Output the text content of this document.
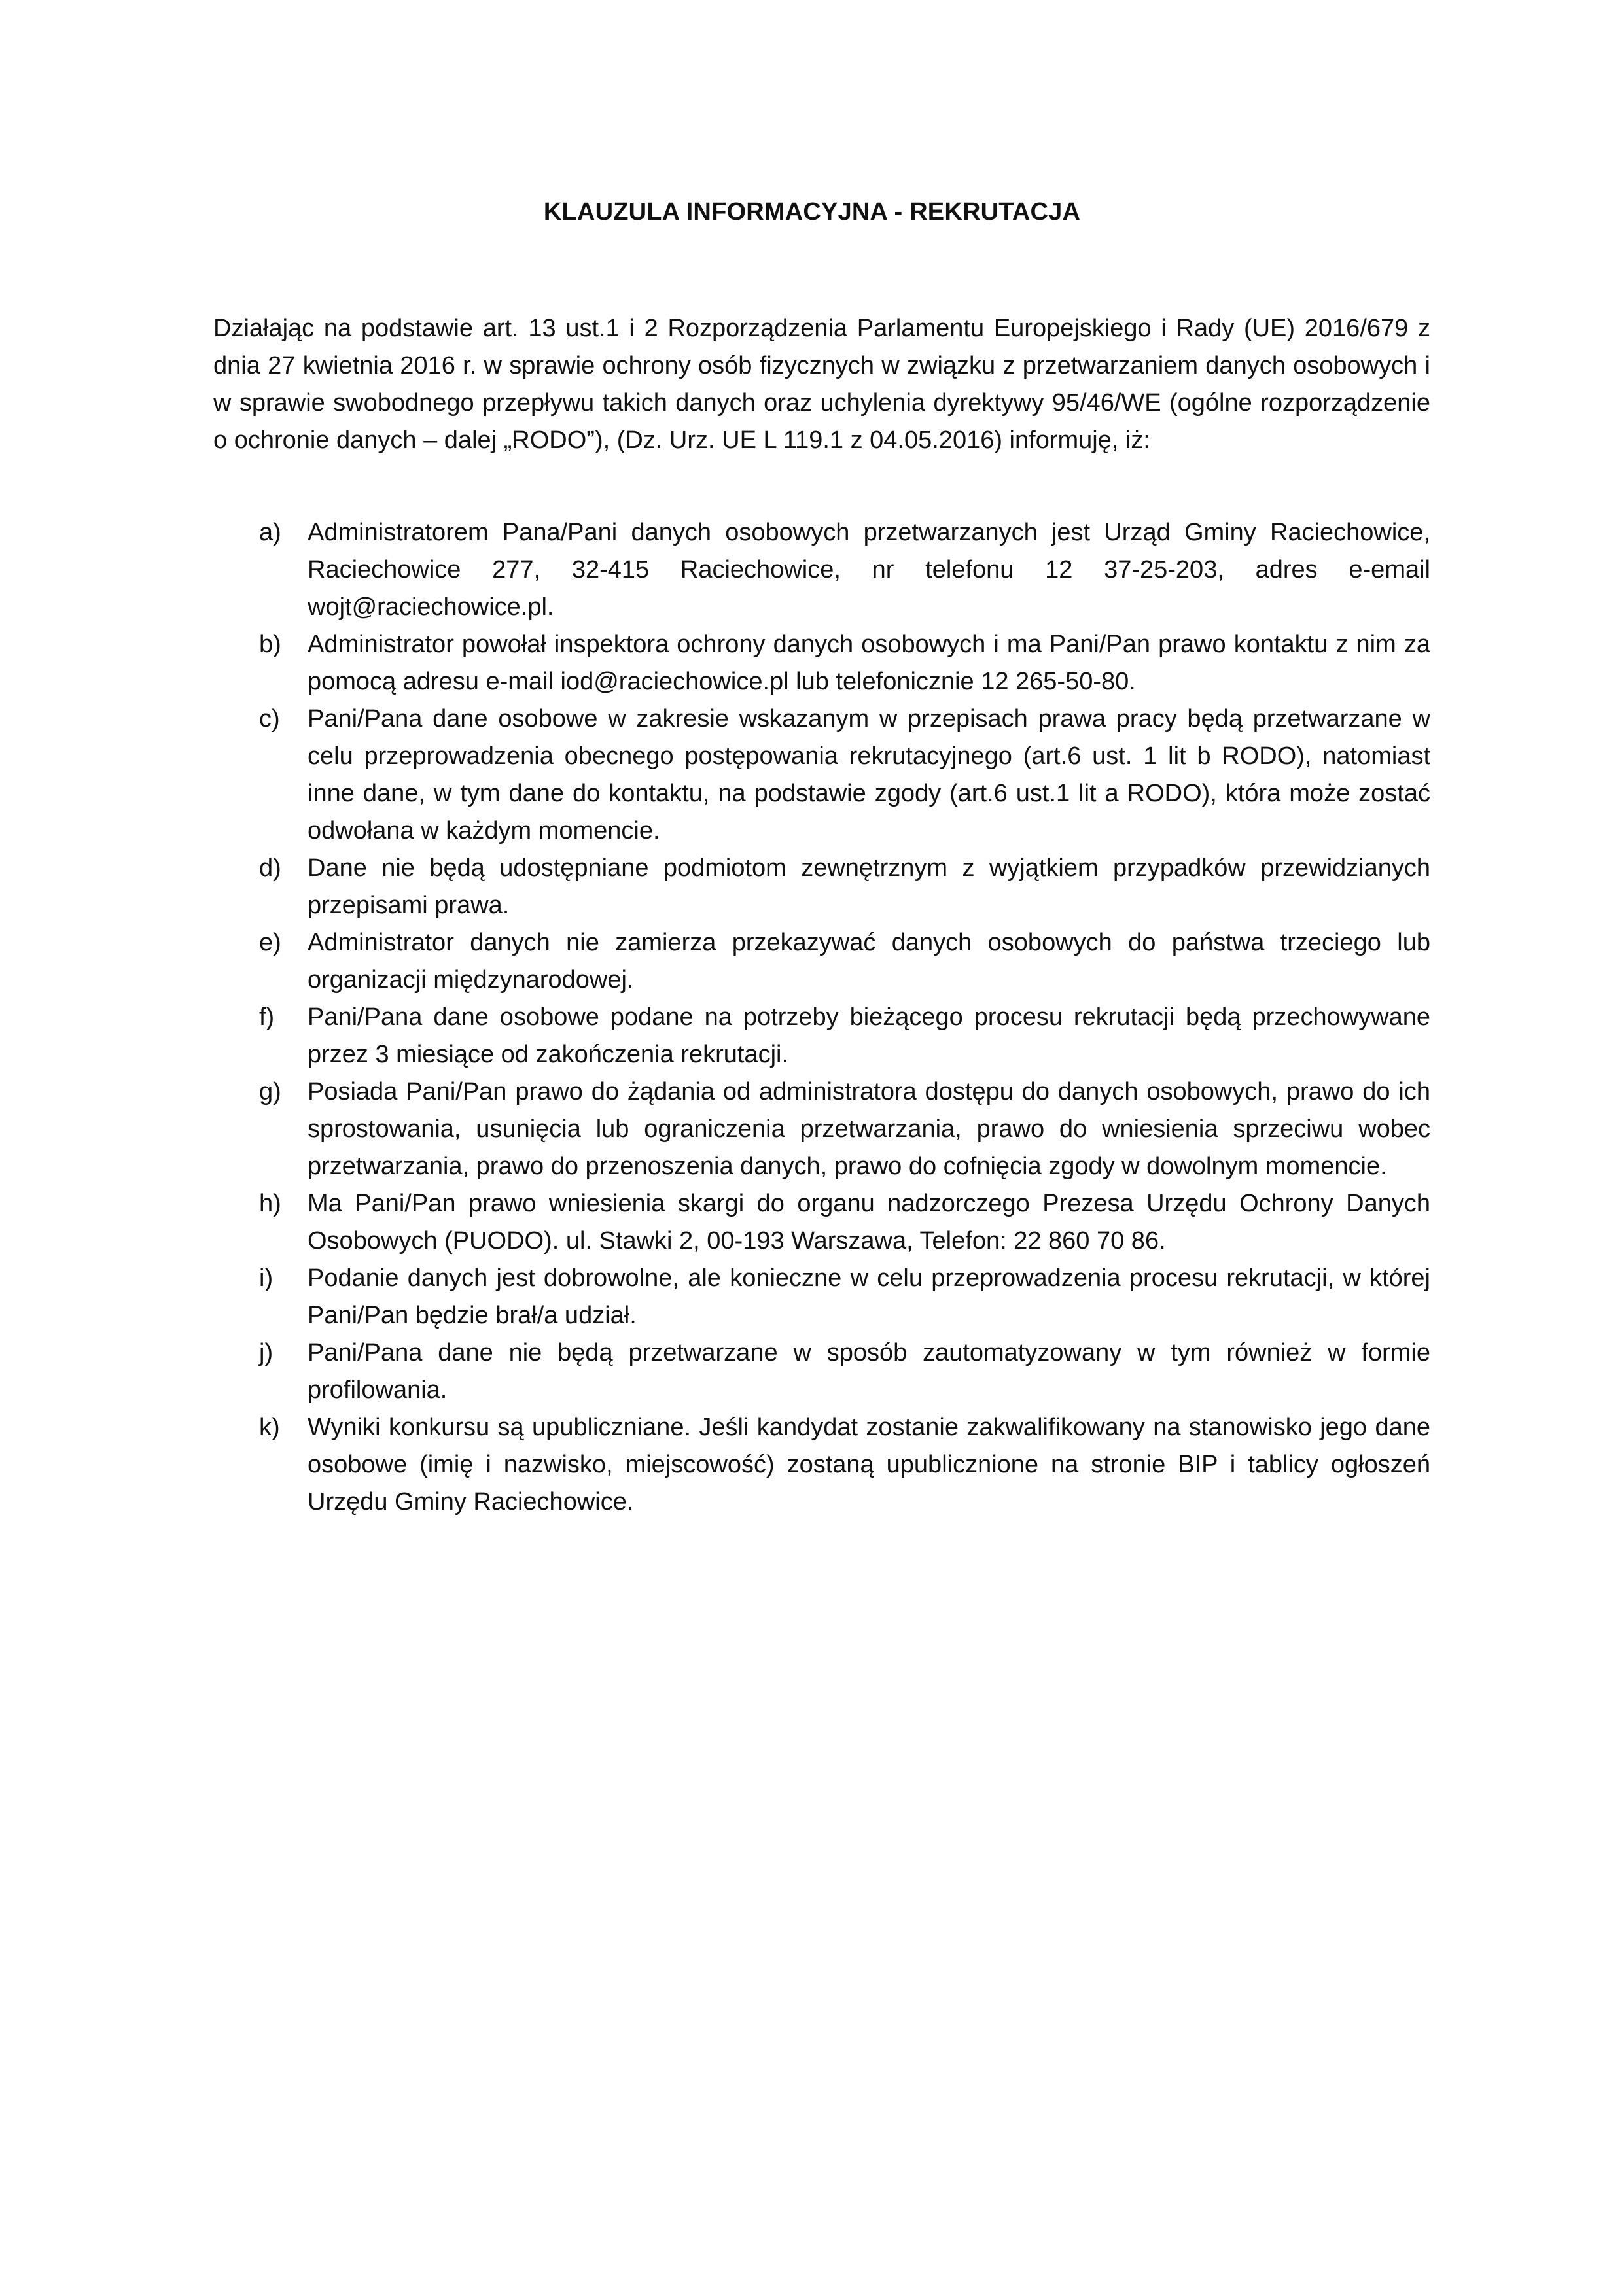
KLAUZULA INFORMACYJNA - REKRUTACJA

Działając na podstawie art. 13 ust.1 i 2 Rozporządzenia Parlamentu Europejskiego i Rady (UE) 2016/679 z dnia 27 kwietnia 2016 r. w sprawie ochrony osób fizycznych w związku z przetwarzaniem danych osobowych i w sprawie swobodnego przepływu takich danych oraz uchylenia dyrektywy 95/46/WE (ogólne rozporządzenie o ochronie danych – dalej „RODO”), (Dz. Urz. UE L 119.1 z 04.05.2016) informuję, iż:

a)	Administratorem Pana/Pani danych osobowych przetwarzanych jest Urząd Gminy Raciechowice, Raciechowice 277, 32-415 Raciechowice, nr telefonu 12 37-25-203, adres e-email wojt@raciechowice.pl.
b)	Administrator powołał inspektora ochrony danych osobowych i ma Pani/Pan prawo kontaktu z nim za pomocą adresu e-mail iod@raciechowice.pl lub telefonicznie 12 265-50-80.
c)	Pani/Pana dane osobowe w zakresie wskazanym w przepisach prawa pracy będą przetwarzane w celu przeprowadzenia obecnego postępowania rekrutacyjnego (art.6 ust. 1 lit b RODO), natomiast inne dane, w tym dane do kontaktu, na podstawie zgody (art.6 ust.1 lit a RODO), która może zostać odwołana w każdym momencie.
d)	Dane nie będą udostępniane podmiotom zewnętrznym z wyjątkiem przypadków przewidzianych przepisami prawa.
e)	Administrator danych nie zamierza przekazywać danych osobowych do państwa trzeciego lub organizacji międzynarodowej.
f)	Pani/Pana dane osobowe podane na potrzeby bieżącego procesu rekrutacji będą przechowywane przez 3 miesiące od zakończenia rekrutacji.
g)	Posiada Pani/Pan prawo do żądania od administratora dostępu do danych osobowych, prawo do ich sprostowania, usunięcia lub ograniczenia przetwarzania, prawo do wniesienia sprzeciwu wobec przetwarzania, prawo do przenoszenia danych, prawo do cofnięcia zgody w dowolnym momencie.
h)	Ma Pani/Pan prawo wniesienia skargi do organu nadzorczego Prezesa Urzędu Ochrony Danych Osobowych (PUODO). ul. Stawki 2, 00-193 Warszawa, Telefon: 22 860 70 86.
i)	Podanie danych jest dobrowolne, ale konieczne w celu przeprowadzenia procesu rekrutacji, w której Pani/Pan będzie brał/a udział.
j)	Pani/Pana dane nie będą przetwarzane w sposób zautomatyzowany w tym również w formie profilowania.
k)	Wyniki konkursu są upubliczniane. Jeśli kandydat zostanie zakwalifikowany na stanowisko jego dane osobowe (imię i nazwisko, miejscowość) zostaną upublicznione na stronie BIP i tablicy ogłoszeń Urzędu Gminy Raciechowice.
